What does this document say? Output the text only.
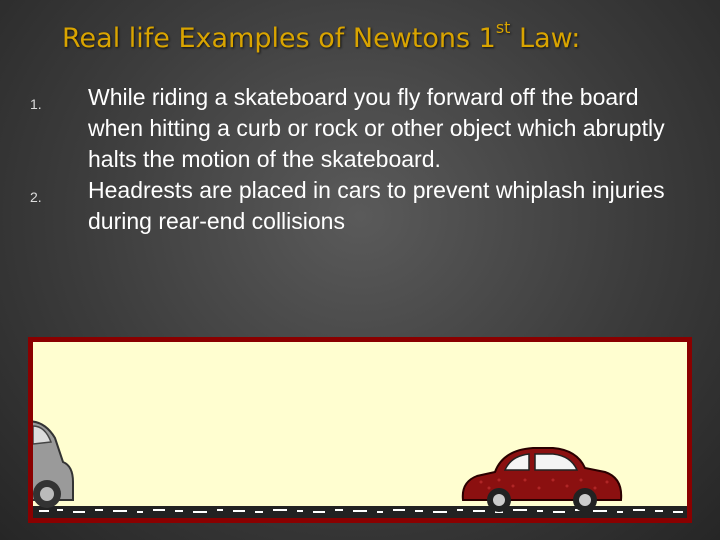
Real life Examples of Newtons 1st Law:
1. While riding a skateboard you fly forward off the board when hitting a curb or rock or other object which abruptly halts the motion of the skateboard.
2. Headrests are placed in cars to prevent whiplash injuries during rear-end collisions
